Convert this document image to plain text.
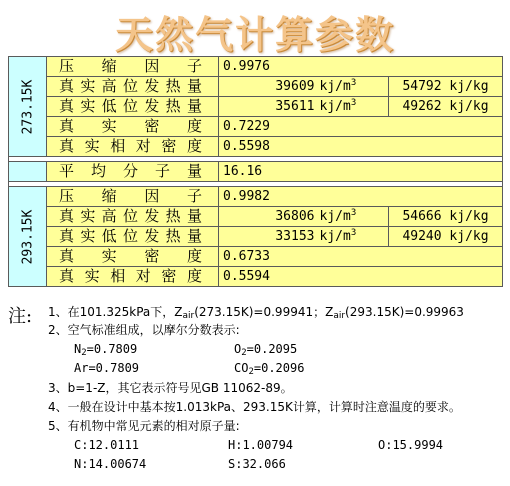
天然气计算参数
273.15K	压缩因子	0.9976		
	真实高位发热量	39609	$kj/m^3$	54792 kj/kg
	真实低位发热量	35611	$kj/m^3$	49262 kj/kg
	真实密度	0.7229		
	真实相对密度	0.5598		

	平均分子量	16.16		

293.15K	压缩因子	0.9982		
	真实高位发热量	36806	$kj/m^3$	54666 kj/kg
	真实低位发热量	33153	$kj/m^3$	49240 kj/kg
	真实密度	0.6733		
	真实相对密度	0.5594		
注: 1、在101.325kPa下，$Z_{air}(273.15K)=0.99941$；$Z_{air}(293.15K)=0.99963$
2、空气标准组成，以摩尔分数表示:
$N_2=0.7809$	$O_2=0.2095$
Ar=0.7809	$CO_2=0.2096$
3、b=1-Z，其它表示符号见GB 11062-89。
4、一般在设计中基本按1.013kPa、293.15K计算，计算时注意温度的要求。
5、有机物中常见元素的相对原子量:
C:12.0111	H:1.00794	O:15.9994
N:14.00674	S:32.066
